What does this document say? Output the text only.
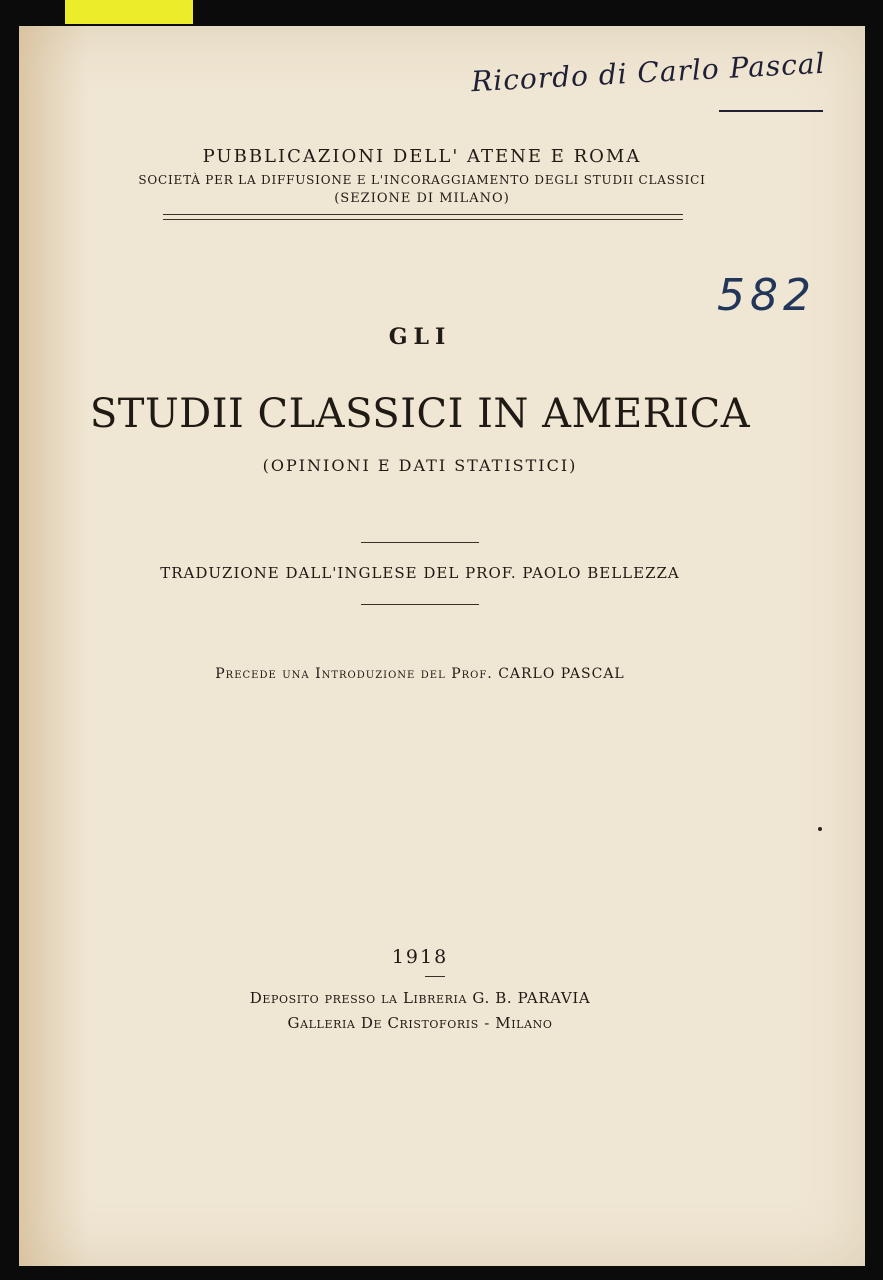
Ricordo di Carlo Pascal
582
PUBBLICAZIONI DELL' ATENE E ROMA
SOCIETÀ PER LA DIFFUSIONE E L'INCORAGGIAMENTO DEGLI STUDII CLASSICI
(SEZIONE DI MILANO)
GLI
STUDII CLASSICI IN AMERICA
(OPINIONI E DATI STATISTICI)
TRADUZIONE DALL'INGLESE DEL PROF. PAOLO BELLEZZA
Precede una Introduzione del Prof. CARLO PASCAL
1918
Deposito presso la Libreria G. B. PARAVIA
Galleria De Cristoforis - Milano
